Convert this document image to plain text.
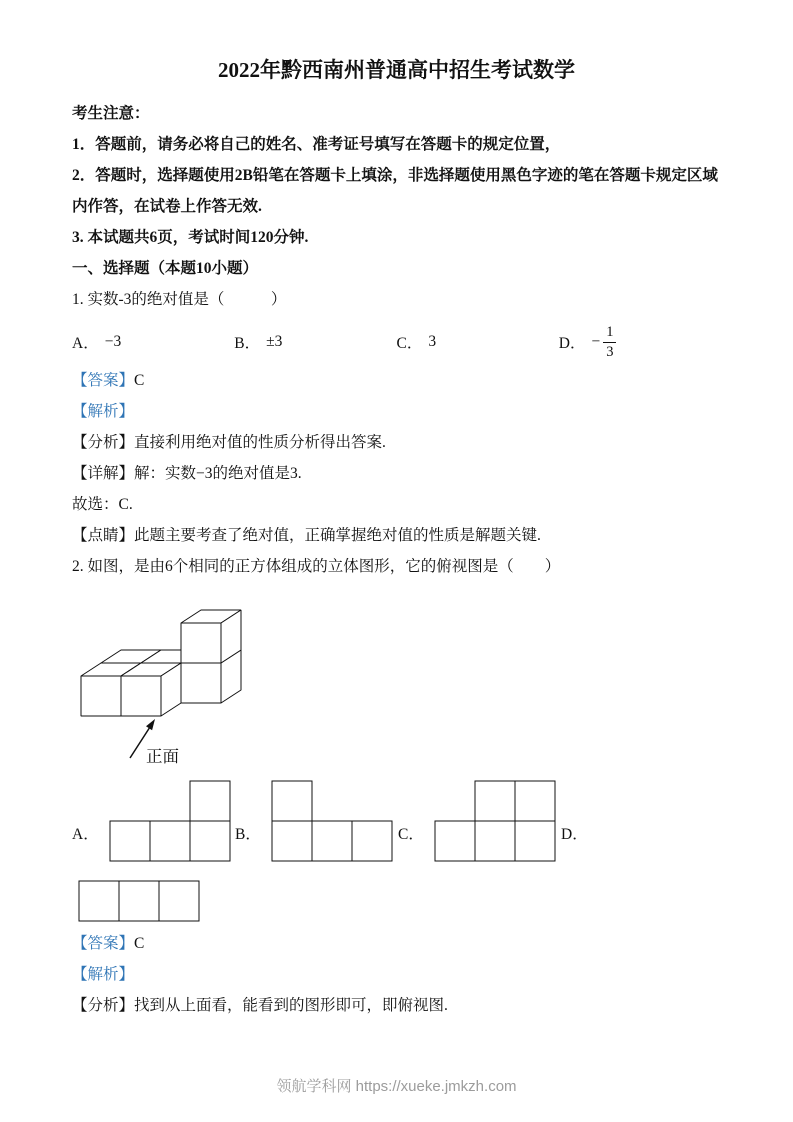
2022年黔西南州普通高中招生考试数学

考生注意：

1．答题前，请务必将自己的姓名、准考证号填写在答题卡的规定位置，

2．答题时，选择题使用2B铅笔在答题卡上填涂，非选择题使用黑色字迹的笔在答题卡规定区域内作答，在试卷上作答无效.

3. 本试题共6页，考试时间120分钟.

一、选择题（本题10小题）

1. 实数-3的绝对值是（　　　）

A． −3	B． ±3	C． 3	D． − $\frac{1}{3}$

【答案】C

【解析】

【分析】直接利用绝对值的性质分析得出答案.

【详解】解：实数−3的绝对值是3.

故选：C.

【点睛】此题主要考查了绝对值，正确掌握绝对值的性质是解题关键.

2. 如图，是由6个相同的正方体组成的立体图形，它的俯视图是（　　）

正面
A．	B．	C．	D．

【答案】C

【解析】

【分析】找到从上面看，能看到的图形即可，即俯视图.

领航学科网 https://xueke.jmkzh.com
